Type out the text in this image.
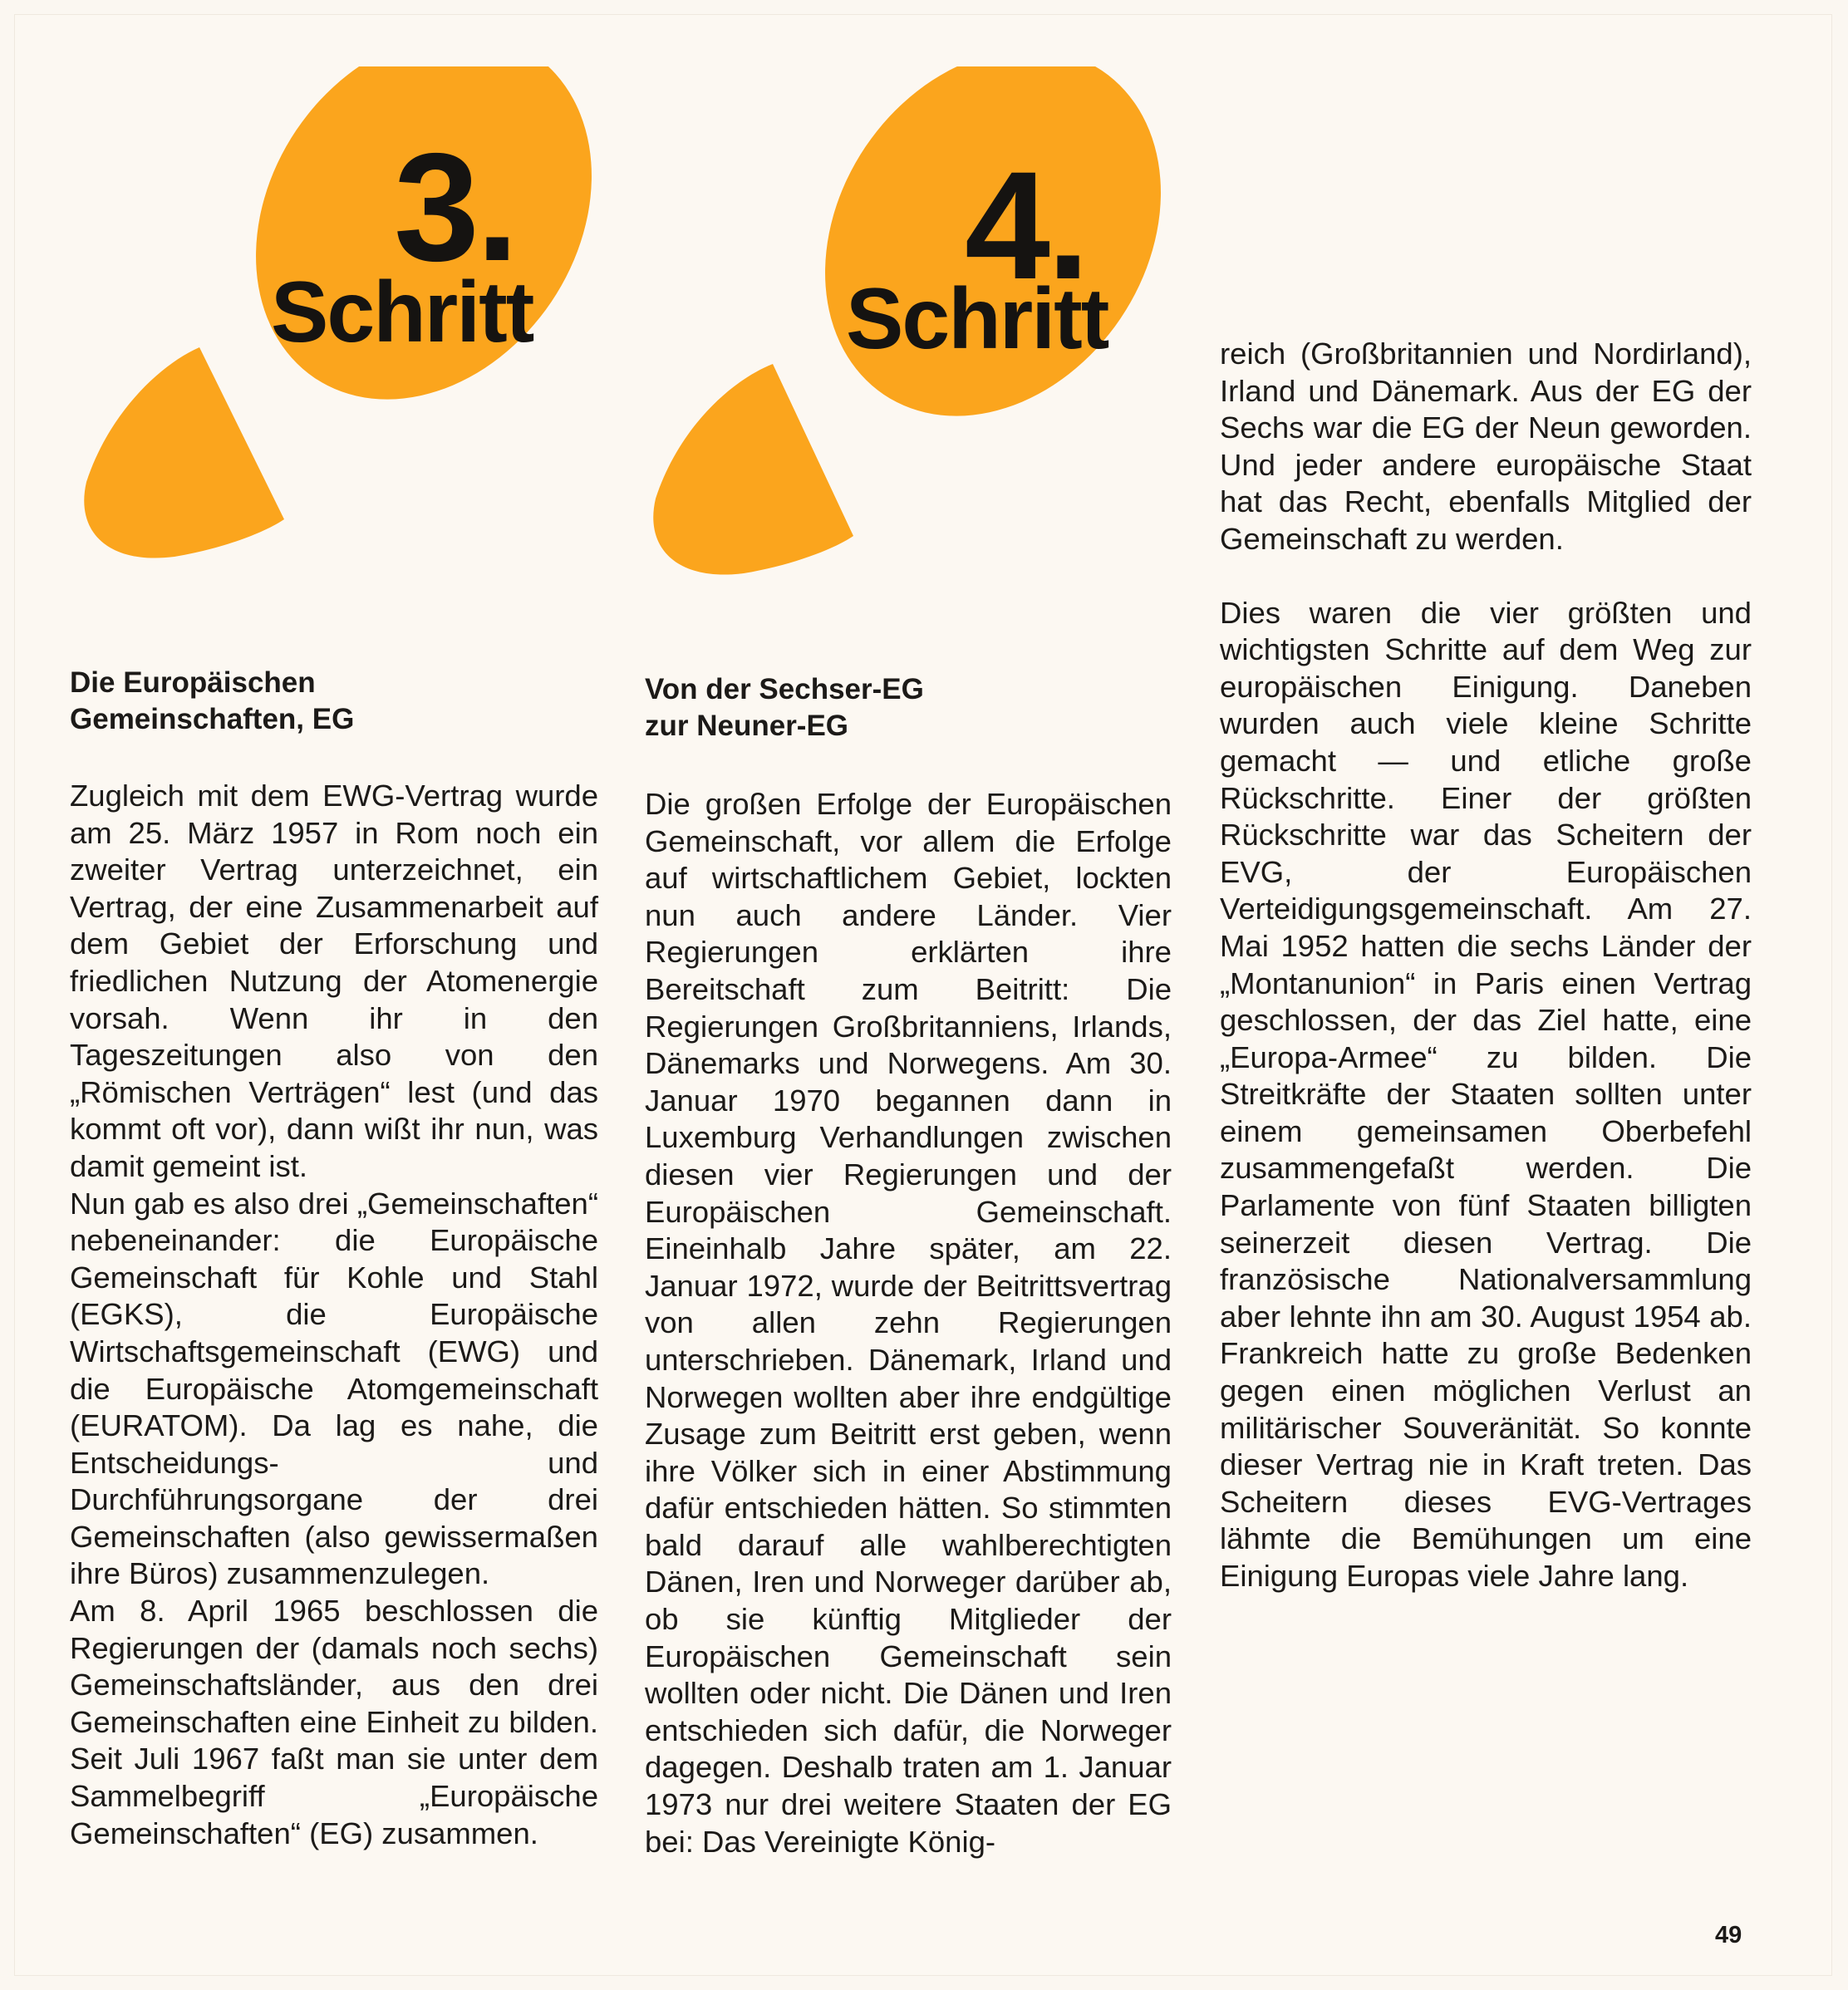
3.
Schritt
4.
Schritt
Die Europäischen
Gemeinschaften, EG

Zugleich mit dem EWG-Vertrag wurde am 25. März 1957 in Rom noch ein zweiter Vertrag unterzeichnet, ein Vertrag, der eine Zusammenarbeit auf dem Gebiet der Erforschung und friedlichen Nutzung der Atomenergie vorsah. Wenn ihr in den Tageszeitungen also von den „Römischen Verträgen“ lest (und das kommt oft vor), dann wißt ihr nun, was damit gemeint ist.

Nun gab es also drei „Gemeinschaften“ nebeneinander: die Europäische Gemeinschaft für Kohle und Stahl (EGKS), die Europäische Wirtschaftsgemeinschaft (EWG) und die Europäische Atomgemeinschaft (EURATOM). Da lag es nahe, die Entscheidungs- und Durchführungsorgane der drei Gemeinschaften (also gewissermaßen ihre Büros) zusammenzulegen.

Am 8. April 1965 beschlossen die Regierungen der (damals noch sechs) Gemeinschaftsländer, aus den drei Gemeinschaften eine Einheit zu bilden. Seit Juli 1967 faßt man sie unter dem Sammelbegriff „Europäische Gemeinschaften“ (EG) zusammen.

Von der Sechser-EG
zur Neuner-EG

Die großen Erfolge der Europäischen Gemeinschaft, vor allem die Erfolge auf wirtschaftlichem Gebiet, lockten nun auch andere Länder. Vier Regierungen erklärten ihre Bereitschaft zum Beitritt: Die Regierungen Großbritanniens, Irlands, Dänemarks und Norwegens. Am 30. Januar 1970 begannen dann in Luxemburg Verhandlungen zwischen diesen vier Regierungen und der Europäischen Gemeinschaft. Eineinhalb Jahre später, am 22. Januar 1972, wurde der Beitrittsvertrag von allen zehn Regierungen unterschrieben. Dänemark, Irland und Norwegen wollten aber ihre endgültige Zusage zum Beitritt erst geben, wenn ihre Völker sich in einer Abstimmung dafür entschieden hätten. So stimmten bald darauf alle wahlberechtigten Dänen, Iren und Norweger darüber ab, ob sie künftig Mitglieder der Europäischen Gemeinschaft sein wollten oder nicht. Die Dänen und Iren entschieden sich dafür, die Norweger dagegen. Deshalb traten am 1. Januar 1973 nur drei weitere Staaten der EG bei: Das Vereinigte König-

reich (Großbritannien und Nordirland), Irland und Dänemark. Aus der EG der Sechs war die EG der Neun geworden. Und jeder andere europäische Staat hat das Recht, ebenfalls Mitglied der Gemeinschaft zu werden.

Dies waren die vier größten und wichtigsten Schritte auf dem Weg zur europäischen Einigung. Daneben wurden auch viele kleine Schritte gemacht — und etliche große Rückschritte. Einer der größten Rückschritte war das Scheitern der EVG, der Europäischen Verteidigungsgemeinschaft. Am 27. Mai 1952 hatten die sechs Länder der „Montanunion“ in Paris einen Vertrag geschlossen, der das Ziel hatte, eine „Europa-Armee“ zu bilden. Die Streitkräfte der Staaten sollten unter einem gemeinsamen Oberbefehl zusammengefaßt werden. Die Parlamente von fünf Staaten billigten seinerzeit diesen Vertrag. Die französische Nationalversammlung aber lehnte ihn am 30. August 1954 ab. Frankreich hatte zu große Bedenken gegen einen möglichen Verlust an militärischer Souveränität. So konnte dieser Vertrag nie in Kraft treten. Das Scheitern dieses EVG-Vertrages lähmte die Bemühungen um eine Einigung Europas viele Jahre lang.

49
